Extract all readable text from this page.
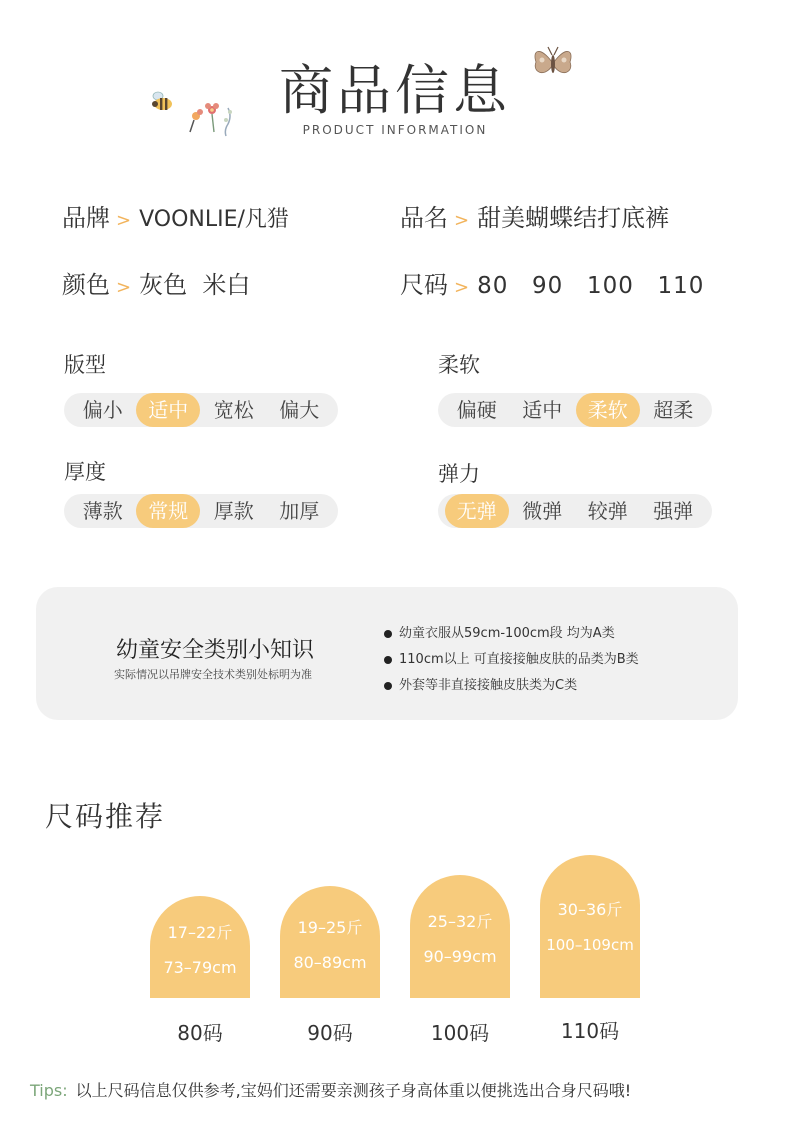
商品信息
PRODUCT INFORMATION
品牌 > VOONLIE/凡猎	品名 > 甜美蝴蝶结打底裤
颜色 > 灰色  米白	尺码 > 80 90 100 110
版型
偏小	适中	宽松	偏大
柔软
偏硬	适中	柔软	超柔
厚度
薄款	常规	厚款	加厚
弹力
无弹	微弹	较弹	强弹
幼童安全类别小知识
实际情况以吊牌安全技术类别处标明为准
幼童衣服从59cm-100cm段 均为A类
110cm以上 可直接接触皮肤的品类为B类
外套等非直接接触皮肤类为C类
尺码推荐
17–22斤
73–79cm
80码
19–25斤
80–89cm
90码
25–32斤
90–99cm
100码
30–36斤
100–109cm
110码
Tips: 以上尺码信息仅供参考,宝妈们还需要亲测孩子身高体重以便挑选出合身尺码哦!
